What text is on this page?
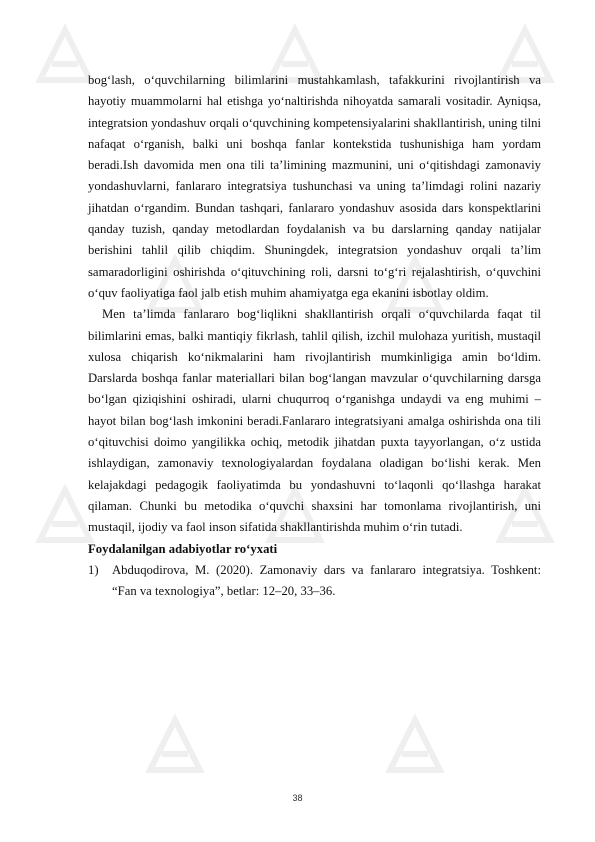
bog‘lash, o‘quvchilarning bilimlarini mustahkamlash, tafakkurini rivojlantirish va hayotiy muammolarni hal etishga yo‘naltirishda nihoyatda samarali vositadir. Ayniqsa, integratsion yondashuv orqali o‘quvchining kompetensiyalarini shakllantirish, uning tilni nafaqat o‘rganish, balki uni boshqa fanlar kontekstida tushunishiga ham yordam beradi.Ish davomida men ona tili ta’limining mazmunini, uni o‘qitishdagi zamonaviy yondashuvlarni, fanlararo integratsiya tushunchasi va uning ta’limdagi rolini nazariy jihatdan o‘rgandim. Bundan tashqari, fanlararo yondashuv asosida dars konspektlarini qanday tuzish, qanday metodlardan foydalanish va bu darslarning qanday natijalar berishini tahlil qilib chiqdim. Shuningdek, integratsion yondashuv orqali ta’lim samaradorligini oshirishda o‘qituvchining roli, darsni to‘g‘ri rejalashtirish, o‘quvchini o‘quv faoliyatiga faol jalb etish muhim ahamiyatga ega ekanini isbotlay oldim.

Men ta’limda fanlararo bog‘liqlikni shakllantirish orqali o‘quvchilarda faqat til bilimlarini emas, balki mantiqiy fikrlash, tahlil qilish, izchil mulohaza yuritish, mustaqil xulosa chiqarish ko‘nikmalarini ham rivojlantirish mumkinligiga amin bo‘ldim. Darslarda boshqa fanlar materiallari bilan bog‘langan mavzular o‘quvchilarning darsga bo‘lgan qiziqishini oshiradi, ularni chuqurroq o‘rganishga undaydi va eng muhimi – hayot bilan bog‘lash imkonini beradi.Fanlararo integratsiyani amalga oshirishda ona tili o‘qituvchisi doimo yangilikka ochiq, metodik jihatdan puxta tayyorlangan, o‘z ustida ishlaydigan, zamonaviy texnologiyalardan foydalana oladigan bo‘lishi kerak. Men kelajakdagi pedagogik faoliyatimda bu yondashuvni to‘laqonli qo‘llashga harakat qilaman. Chunki bu metodika o‘quvchi shaxsini har tomonlama rivojlantirish, uni mustaqil, ijodiy va faol inson sifatida shakllantirishda muhim o‘rin tutadi.

Foydalanilgan adabiyotlar ro‘yxati

1)	Abduqodirova, M. (2020). Zamonaviy dars va fanlararo integratsiya. Toshkent: “Fan va texnologiya”, betlar: 12–20, 33–36.
38
